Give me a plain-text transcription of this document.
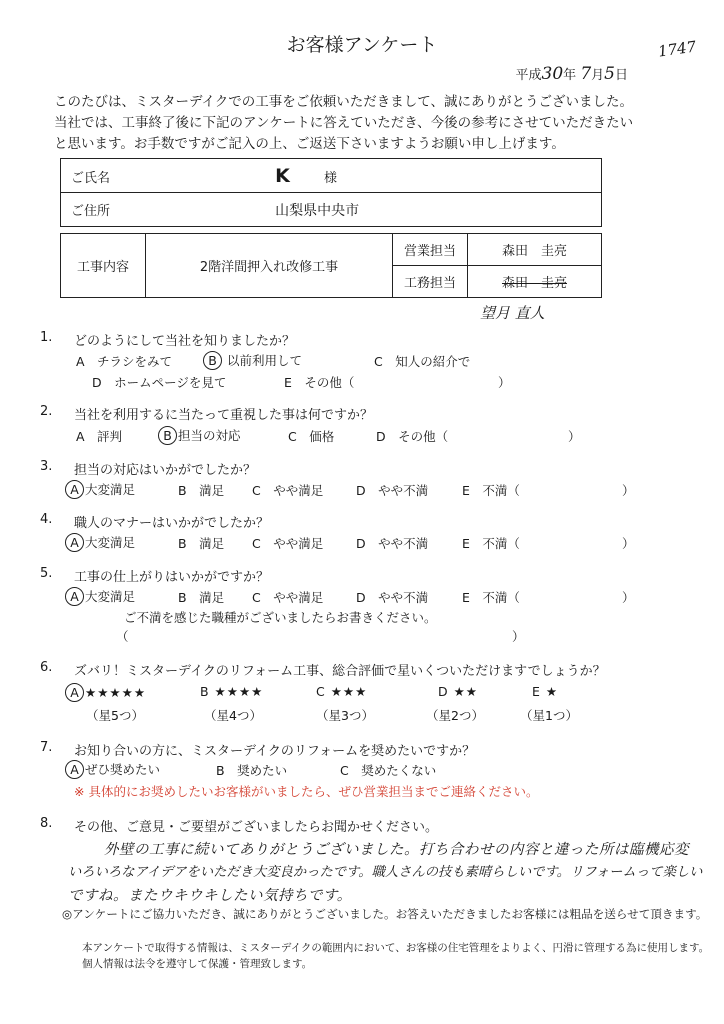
お客様アンケート	1747
平成30年 7月5日
このたびは、ミスターデイクでの工事をご依頼いただきまして、誠にありがとうございました。
当社では、工事終了後に下記のアンケートに答えていただき、今後の参考にさせていただきたい
と思います。お手数ですがご記入の上、ご返送下さいますようお願い申し上げます。
ご氏名	K	様
ご住所	山梨県中央市
工事内容	2階洋間押入れ改修工事	営業担当	森田　圭亮
		工務担当	森田　圭亮
望月 直人
1. どのようにして当社を知りましたか？
A　チラシをみて	B 以前利用して	C　知人の紹介で
D　ホームページを見て	E　その他（	）
2. 当社を利用するに当たって重視した事は何ですか？
A　評判	B 担当の対応	C　価格	D　その他（	）
3. 担当の対応はいかがでしたか？
A 大変満足	B　満足 C　やや満足	D　やや不満	E　不満（	）
4. 職人のマナーはいかがでしたか？
A 大変満足	B　満足 C　やや満足	D　やや不満	E　不満（	）
5. 工事の仕上がりはいかがですか？
A 大変満足	B　満足 C　やや満足	D　やや不満	E　不満（	）
ご不満を感じた職種がございましたらお書きください。
（	）
6. ズバリ！ミスターデイクのリフォーム工事、総合評価で星いくついただけますでしょうか？
A ★★★★★	B ★★★★	C ★★★	D ★★	E ★
（星5つ）	（星4つ）	（星3つ）	（星2つ）	（星1つ）
7. お知り合いの方に、ミスターデイクのリフォームを奨めたいですか？
A ぜひ奨めたい	B　奨めたい	C　奨めたくない
※ 具体的にお奨めしたいお客様がいましたら、ぜひ営業担当までご連絡ください。
8. その他、ご意見・ご要望がございましたらお聞かせください。
外壁の工事に続いてありがとうございました。打ち合わせの内容と違った所は臨機応変
いろいろなアイデアをいただき大変良かったです。職人さんの技も素晴らしいです。リフォームって楽しい
ですね。またウキウキしたい気持ちです。
◎アンケートにご協力いただき、誠にありがとうございました。お答えいただきましたお客様には粗品を送らせて頂きます。
本アンケートで取得する情報は、ミスターデイクの範囲内において、お客様の住宅管理をよりよく、円滑に管理する為に使用します。
個人情報は法令を遵守して保護・管理致します。
